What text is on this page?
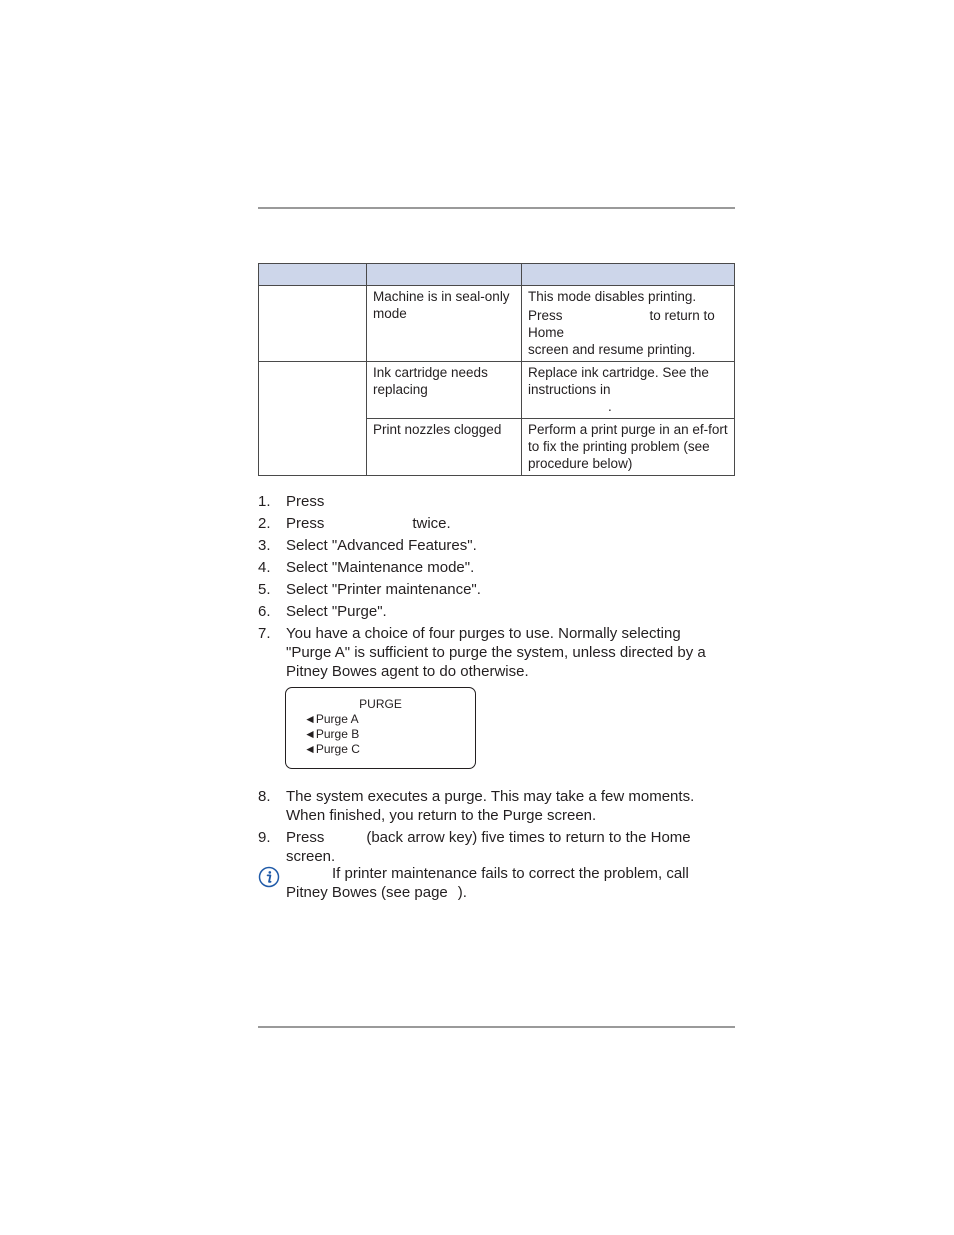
	Machine is in seal-only mode	This mode disables printing.
Press to return to Home
screen and resume printing.
	Ink cartridge needs replacing	Replace ink cartridge. See the instructions in
.

	Print nozzles clogged	Perform a print purge in an ef-fort to fix the printing problem (see procedure below)
1. Press
2. Press	twice.
3. Select "Advanced Features".
4. Select "Maintenance mode".
5. Select "Printer maintenance".
6. Select "Purge".
7. You have a choice of four purges to use. Normally selecting "Purge A" is sufficient to purge the system, unless directed by a Pitney Bowes agent to do otherwise.
8. The system executes a purge. This may take a few moments. When finished, you return to the Purge screen.
9. Press	(back arrow key) five times to return to the Home screen.
PURGE
◄Purge A
◄Purge B
◄Purge C
If printer maintenance fails to correct the problem, call Pitney Bowes (see page ).
